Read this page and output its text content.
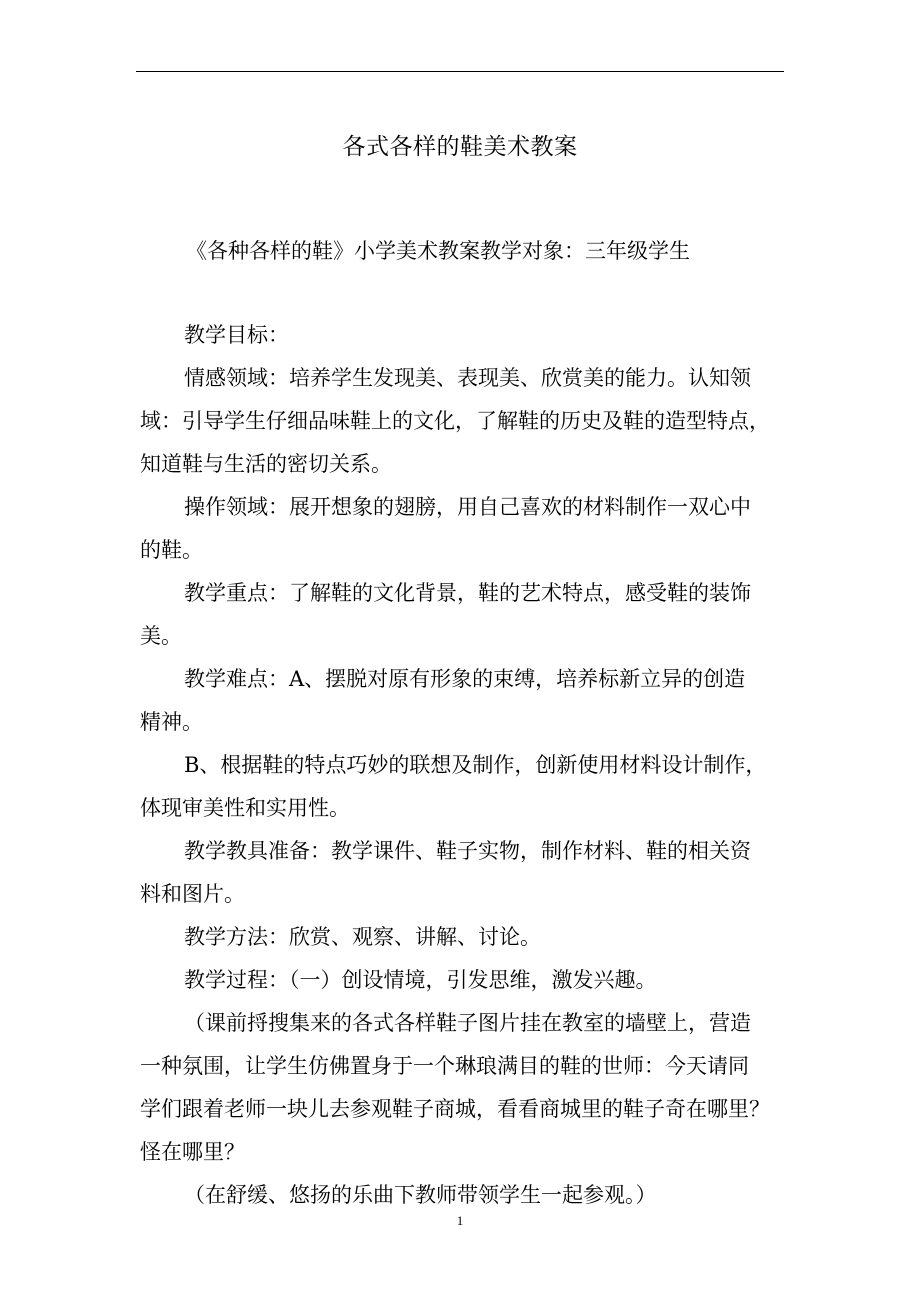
各式各样的鞋美术教案
《各种各样的鞋》小学美术教案教学对象：三年级学生
教学目标：
情感领域：培养学生发现美、表现美、欣赏美的能力。认知领
域：引导学生仔细品味鞋上的文化，了解鞋的历史及鞋的造型特点，
知道鞋与生活的密切关系。
操作领域：展开想象的翅膀，用自己喜欢的材料制作一双心中
的鞋。
教学重点：了解鞋的文化背景，鞋的艺术特点，感受鞋的装饰
美。
教学难点：A、摆脱对原有形象的束缚，培养标新立异的创造
精神。
B、根据鞋的特点巧妙的联想及制作，创新使用材料设计制作，
体现审美性和实用性。
教学教具准备：教学课件、鞋子实物，制作材料、鞋的相关资
料和图片。
教学方法：欣赏、观察、讲解、讨论。
教学过程：（一）创设情境，引发思维，激发兴趣。
（课前捋搜集来的各式各样鞋子图片挂在教室的墙壁上，营造
一种氛围，让学生仿佛置身于一个琳琅满目的鞋的世师：今天请同
学们跟着老师一块儿去参观鞋子商城，看看商城里的鞋子奇在哪里？
怪在哪里？
（在舒缓、悠扬的乐曲下教师带领学生一起参观。）
1
